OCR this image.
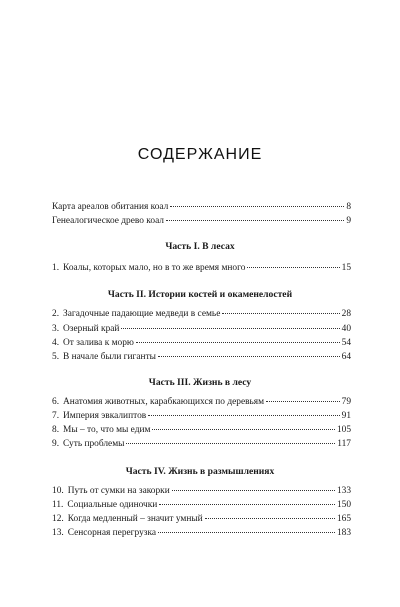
СОДЕРЖАНИЕ
Карта ареалов обитания коал	8
Генеалогическое древо коал	9
Часть I. В лесах
1. Коалы, которых мало, но в то же время много	15
Часть II. Истории костей и окаменелостей
2. Загадочные падающие медведи в семье	28
3. Озерный край	40
4. От залива к морю	54
5. В начале были гиганты	64
Часть III. Жизнь в лесу
6. Анатомия животных, карабкающихся по деревьям	79
7. Империя эвкалиптов	91
8. Мы – то, что мы едим	105
9. Суть проблемы	117
Часть IV. Жизнь в размышлениях
10. Путь от сумки на закорки	133
11. Социальные одиночки	150
12. Когда медленный – значит умный	165
13. Сенсорная перегрузка	183
